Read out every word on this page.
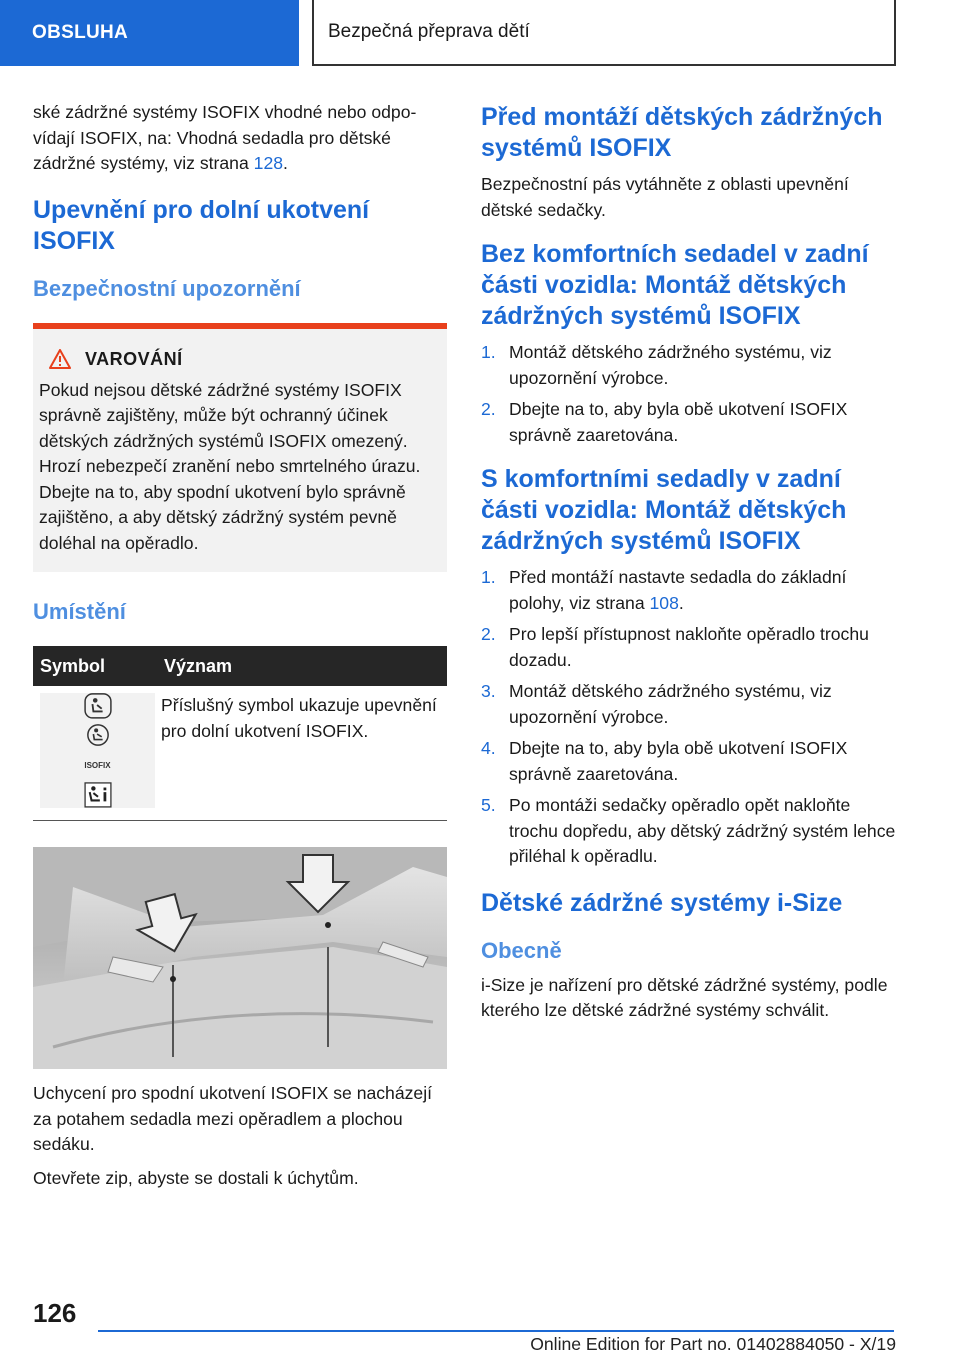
OBSLUHA	Bezpečná přeprava dětí

ské zádržné systémy ISOFIX vhodné nebo odpovídají ISOFIX, na: Vhodná sedadla pro dětské zádržné systémy, viz strana 128.

Upevnění pro dolní ukotvení ISOFIX
Bezpečnostní upozornění
VAROVÁNÍ

Pokud nejsou dětské zádržné systémy ISOFIX správně zajištěny, může být ochranný účinek dětských zádržných systémů ISOFIX omezený. Hrozí nebezpečí zranění nebo smrtelného úrazu. Dbejte na to, aby spodní ukotvení bylo správně zajištěno, a aby dětský zádržný systém pevně doléhal na opěradlo.

Umístění
Symbol	Význam

ISOFIX	Příslušný symbol ukazuje upevnění pro dolní ukotvení ISOFIX.

Uchycení pro spodní ukotvení ISOFIX se nacházejí za potahem sedadla mezi opěradlem a plochou sedáku.

Otevřete zip, abyste se dostali k úchytům.

Před montáží dětských zádržných systémů ISOFIX

Bezpečnostní pás vytáhněte z oblasti upevnění dětské sedačky.

Bez komfortních sedadel v zadní části vozidla: Montáž dětských zádržných systémů ISOFIX
1. Montáž dětského zádržného systému, viz upozornění výrobce.
2. Dbejte na to, aby byla obě ukotvení ISOFIX správně zaaretována.
S komfortními sedadly v zadní části vozidla: Montáž dětských zádržných systémů ISOFIX
1. Před montáží nastavte sedadla do základní polohy, viz strana 108.
2. Pro lepší přístupnost nakloňte opěradlo trochu dozadu.
3. Montáž dětského zádržného systému, viz upozornění výrobce.
4. Dbejte na to, aby byla obě ukotvení ISOFIX správně zaaretována.
5. Po montáži sedačky opěradlo opět nakloňte trochu dopředu, aby dětský zádržný systém lehce přiléhal k opěradlu.
Dětské zádržné systémy i-Size
Obecně

i-Size je nařízení pro dětské zádržné systémy, podle kterého lze dětské zádržné systémy schválit.

126
Online Edition for Part no. 01402884050 - X/19
